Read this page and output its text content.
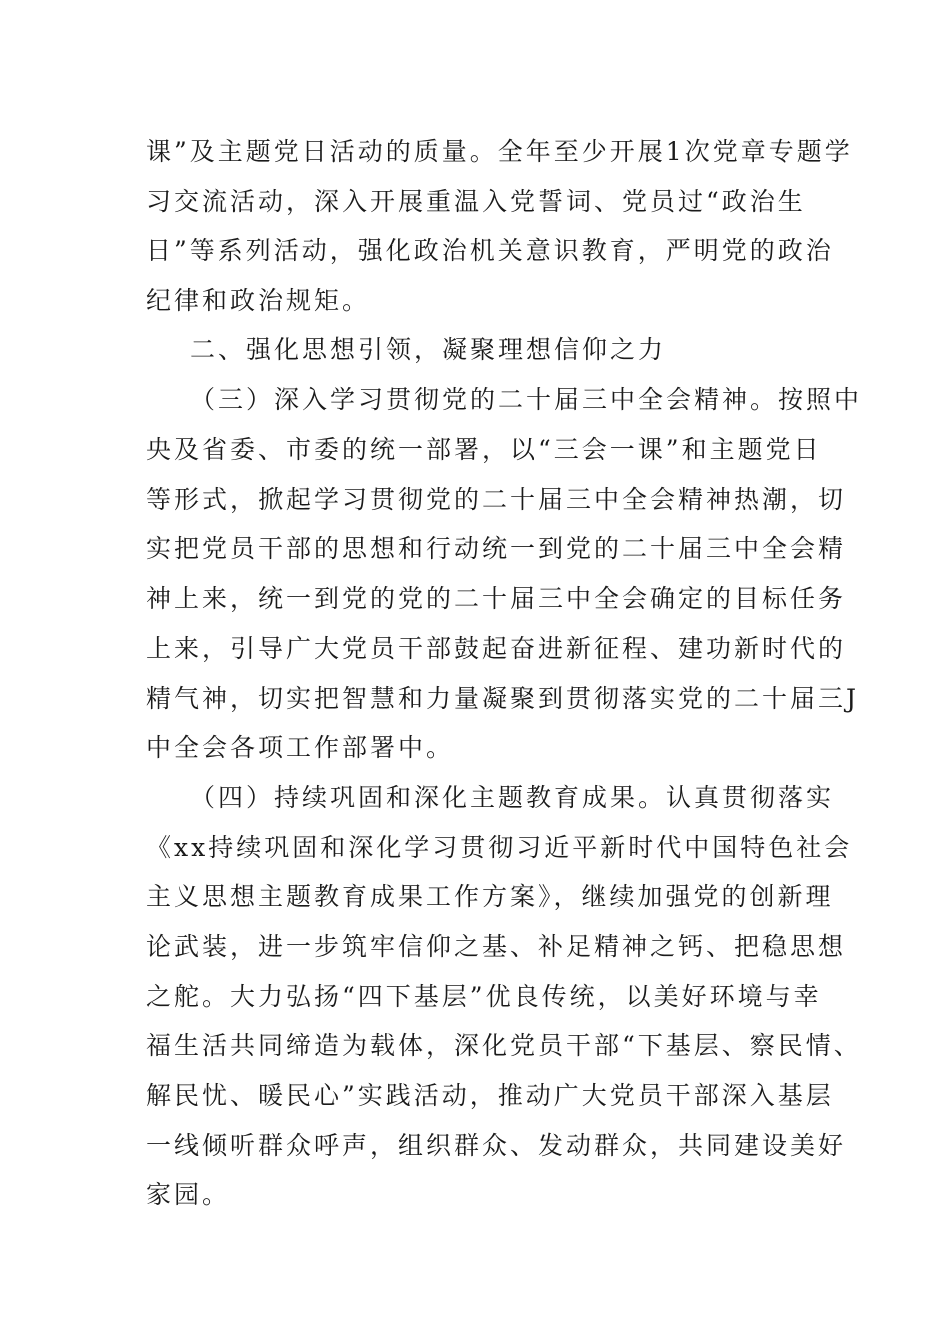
课”及主题党日活动的质量。全年至少开展1次党章专题学
习交流活动，深入开展重温入党誓词、党员过“政治生
日”等系列活动，强化政治机关意识教育，严明党的政治
纪律和政治规矩。
二、强化思想引领，凝聚理想信仰之力
（三）深入学习贯彻党的二十届三中全会精神。按照中
央及省委、市委的统一部署，以“三会一课”和主题党日
等形式，掀起学习贯彻党的二十届三中全会精神热潮，切
实把党员干部的思想和行动统一到党的二十届三中全会精
神上来，统一到党的党的二十届三中全会确定的目标任务
上来，引导广大党员干部鼓起奋进新征程、建功新时代的
精气神，切实把智慧和力量凝聚到贯彻落实党的二十届三J
中全会各项工作部署中。
（四）持续巩固和深化主题教育成果。认真贯彻落实
《xx持续巩固和深化学习贯彻习近平新时代中国特色社会
主义思想主题教育成果工作方案》，继续加强党的创新理
论武装，进一步筑牢信仰之基、补足精神之钙、把稳思想
之舵。大力弘扬“四下基层”优良传统，以美好环境与幸
福生活共同缔造为载体，深化党员干部“下基层、察民情、
解民忧、暖民心”实践活动，推动广大党员干部深入基层
一线倾听群众呼声，组织群众、发动群众，共同建设美好
家园。
